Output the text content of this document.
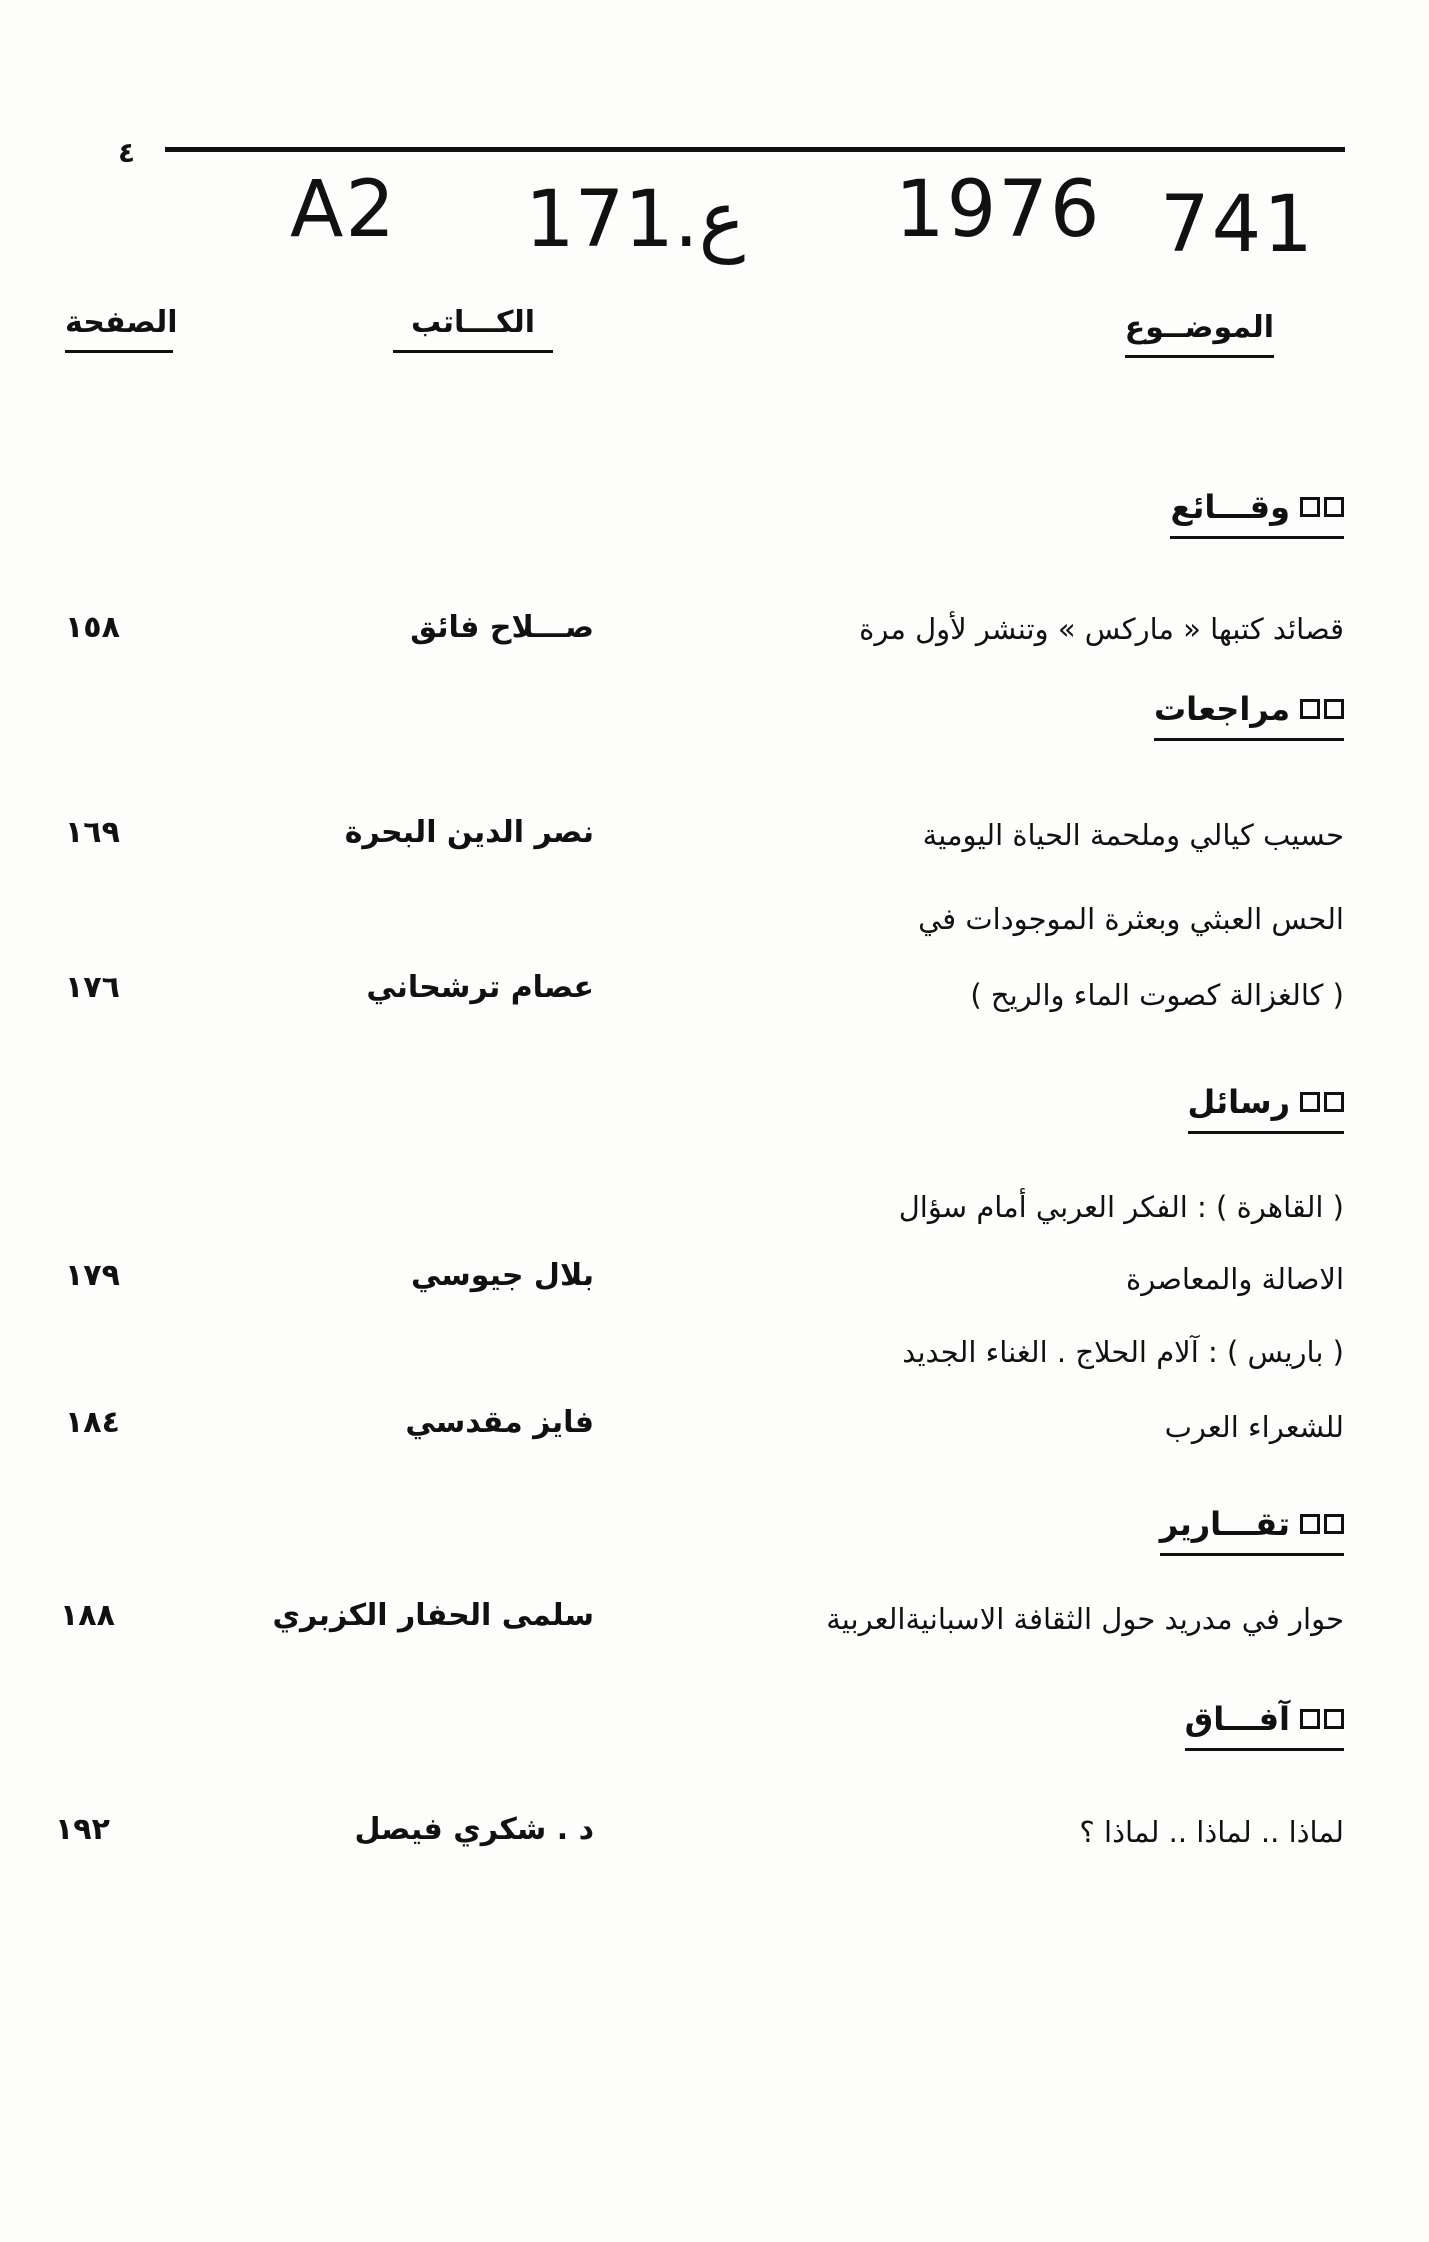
٤
A2 171.ع 1976 741
الموضــوع
الكـــاتب
الصفحة
وقـــائع
قصائد كتبها « ماركس » وتنشر لأول مرة
صـــلاح فائق
١٥٨
مراجعات
حسيب كيالي وملحمة الحياة اليومية
نصر الدين البحرة
١٦٩
الحس العبثي وبعثرة الموجودات في
( كالغزالة كصوت الماء والريح )
عصام ترشحاني
١٧٦
رسائل
( القاهرة ) : الفكر العربي أمام سؤال
الاصالة والمعاصرة
بلال جيوسي
١٧٩
( باريس ) : آلام الحلاج . الغناء الجديد
للشعراء العرب
فايز مقدسي
١٨٤
تقـــارير
حوار في مدريد حول الثقافة الاسبانيةالعربية
سلمى الحفار الكزبري
١٨٨
آفـــاق
لماذا .. لماذا .. لماذا ؟
د . شكري فيصل
١٩٢
